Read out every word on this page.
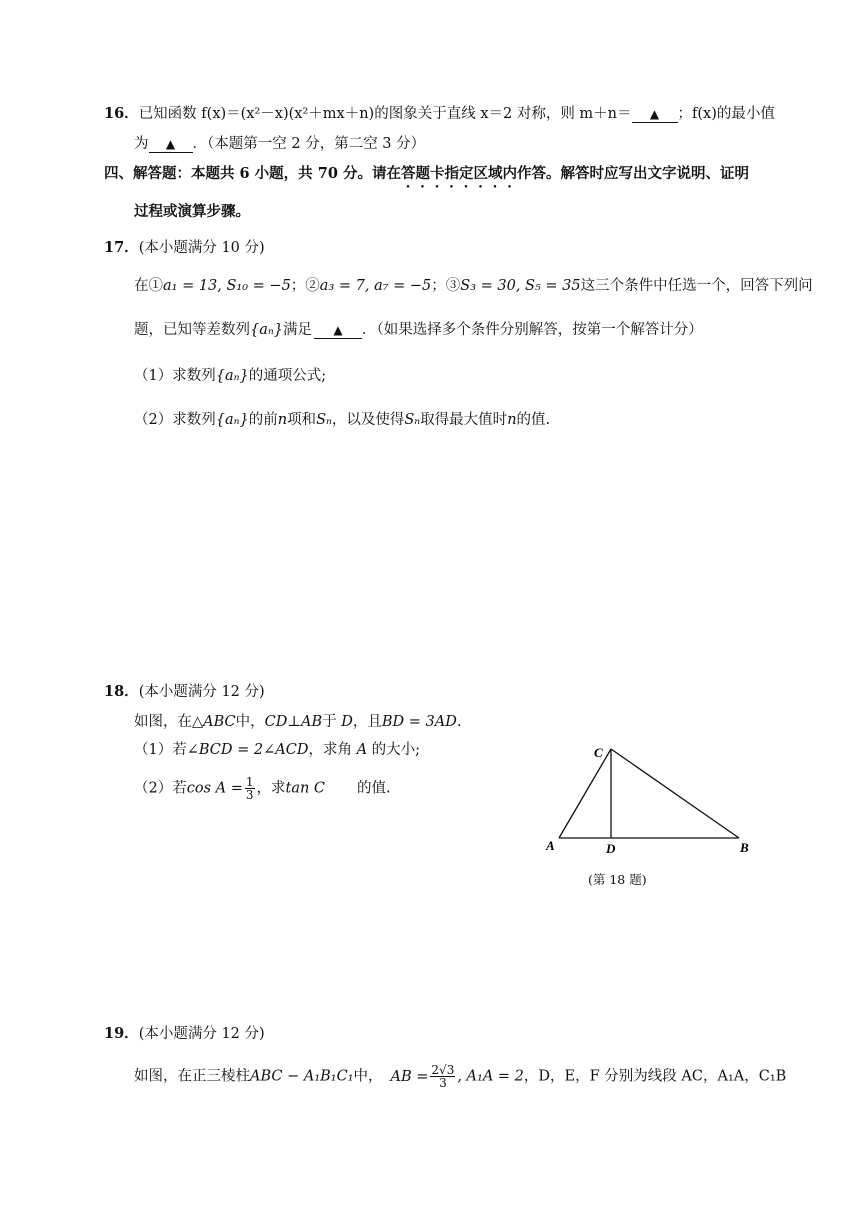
16．已知函数 f(x)＝(x²－x)(x²＋mx＋n)的图象关于直线 x＝2 对称，则 m＋n＝ ▲ ；f(x)的最小值
为 ▲ ．（本题第一空 2 分，第二空 3 分）
四、解答题：本题共 6 小题，共 70 分。请在答题卡指定区域内作答。解答时应写出文字说明、证明
过程或演算步骤。
17．(本小题满分 10 分)
在①a₁ = 13, S₁₀ = −5；②a₃ = 7, a₇ = −5；③S₃ = 30, S₅ = 35这三个条件中任选一个，回答下列问
题，已知等差数列{aₙ}满足 ▲ ．（如果选择多个条件分别解答，按第一个解答计分）
（1）求数列{aₙ}的通项公式;
（2）求数列{aₙ}的前n项和Sₙ，以及使得Sₙ取得最大值时n的值.
18．(本小题满分 12 分)
如图，在△ABC中，CD⊥AB于 D，且BD = 3AD.
（1）若∠BCD = 2∠ACD，求角 A 的大小;
（2）若$\cos A = \frac{1}{3}$ ，求tan C 的值.
C
A	D	B
(第 18 题)
19．(本小题满分 12 分)
如图，在正三棱柱ABC − A₁B₁C₁中， AB = $\frac{2√3}{3}$ , A₁A = 2，D，E，F 分别为线段 AC，A₁A，C₁B
